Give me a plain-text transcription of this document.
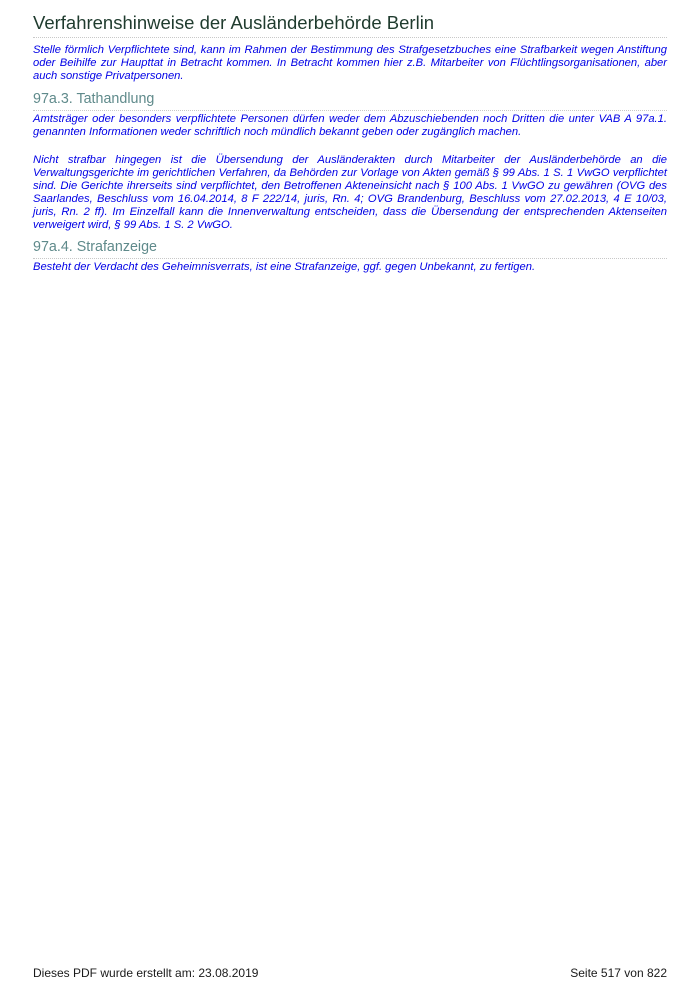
Verfahrenshinweise der Ausländerbehörde Berlin

Stelle förmlich Verpflichtete sind, kann im Rahmen der Bestimmung des Strafgesetzbuches eine Strafbarkeit wegen Anstiftung oder Beihilfe zur Haupttat in Betracht kommen. In Betracht kommen hier z.B. Mitarbeiter von Flüchtlingsorganisationen, aber auch sonstige Privatpersonen.

97a.3. Tathandlung

Amtsträger oder besonders verpflichtete Personen dürfen weder dem Abzuschiebenden noch Dritten die unter VAB A 97a.1. genannten Informationen weder schriftlich noch mündlich bekannt geben oder zugänglich machen.

Nicht strafbar hingegen ist die Übersendung der Ausländerakten durch Mitarbeiter der Ausländerbehörde an die Verwaltungsgerichte im gerichtlichen Verfahren, da Behörden zur Vorlage von Akten gemäß § 99 Abs. 1 S. 1 VwGO verpflichtet sind. Die Gerichte ihrerseits sind verpflichtet, den Betroffenen Akteneinsicht nach § 100 Abs. 1 VwGO zu gewähren (OVG des Saarlandes, Beschluss vom 16.04.2014, 8 F 222/14, juris, Rn. 4; OVG Brandenburg, Beschluss vom 27.02.2013, 4 E 10/03, juris, Rn. 2 ff). Im Einzelfall kann die Innenverwaltung entscheiden, dass die Übersendung der entsprechenden Aktenseiten verweigert wird, § 99 Abs. 1 S. 2 VwGO.

97a.4. Strafanzeige

Besteht der Verdacht des Geheimnisverrats, ist eine Strafanzeige, ggf. gegen Unbekannt, zu fertigen.

Dieses PDF wurde erstellt am: 23.08.2019	Seite 517 von 822
